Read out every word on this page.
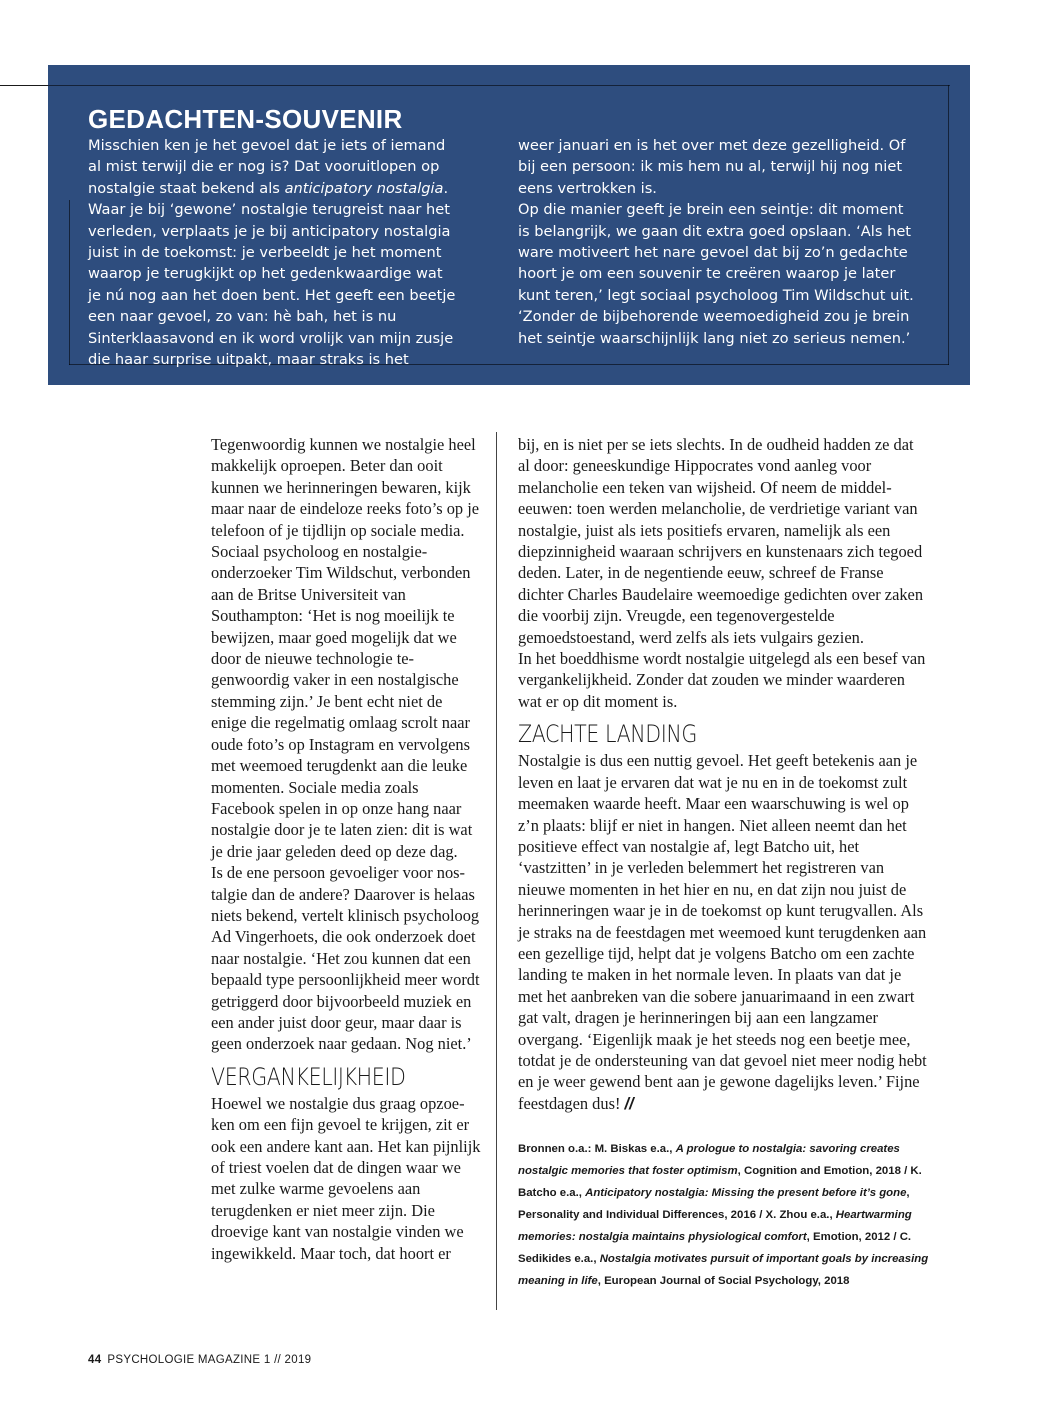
GEDACHTEN-SOUVENIR

Misschien ken je het gevoel dat je iets of iemand al mist terwijl die er nog is? Dat vooruitlopen op nostalgie staat bekend als anticipatory nostalgia. Waar je bij ‘gewone’ nostalgie terugreist naar het verleden, verplaats je je bij anticipatory nostalgia juist in de toekomst: je verbeeldt je het moment waarop je terugkijkt op het gedenkwaardige wat je nú nog aan het doen bent. Het geeft een beetje een naar gevoel, zo van: hè bah, het is nu Sinterklaasavond en ik word vrolijk van mijn zusje die haar surprise uitpakt, maar straks is het

weer januari en is het over met deze gezelligheid. Of bij een persoon: ik mis hem nu al, terwijl hij nog niet eens vertrokken is.

Op die manier geeft je brein een seintje: dit moment is belangrijk, we gaan dit extra goed opslaan. ‘Als het ware motiveert het nare gevoel dat bij zo’n gedachte hoort je om een souvenir te creëren waarop je later kunt teren,’ legt sociaal psycholoog Tim Wildschut uit. ‘Zonder de bijbehorende weemoedigheid zou je brein het seintje waarschijnlijk lang niet zo serieus nemen.’

Tegenwoordig kunnen we nostalgie heel makkelijk oproepen. Beter dan ooit kunnen we herinneringen bewaren, kijk maar naar de eindeloze reeks foto’s op je telefoon of je tijdlijn op sociale media. Sociaal psycholoog en nostalgie-onderzoeker Tim Wildschut, verbonden aan de Britse Universiteit van Southampton: ‘Het is nog moeilijk te bewijzen, maar goed mogelijk dat we door de nieuwe technologie tegenwoordig vaker in een nostalgische stemming zijn.’ Je bent echt niet de enige die regelmatig omlaag scrolt naar oude foto’s op Instagram en vervolgens met weemoed terugdenkt aan die leuke momenten. Sociale media zoals Facebook spelen in op onze hang naar nostalgie door je te laten zien: dit is wat je drie jaar geleden deed op deze dag.

Is de ene persoon gevoeliger voor nostalgie dan de andere? Daarover is helaas niets bekend, vertelt klinisch psycholoog Ad Vingerhoets, die ook onderzoek doet naar nostalgie. ‘Het zou kunnen dat een bepaald type persoonlijkheid meer wordt getriggerd door bijvoorbeeld muziek en een ander juist door geur, maar daar is geen onderzoek naar gedaan. Nog niet.’

VERGANKELIJKHEID

Hoewel we nostalgie dus graag opzoeken om een fijn gevoel te krijgen, zit er ook een andere kant aan. Het kan pijnlijk of triest voelen dat de dingen waar we met zulke warme gevoelens aan terugdenken er niet meer zijn. Die droevige kant van nostalgie vinden we ingewikkeld. Maar toch, dat hoort er

bij, en is niet per se iets slechts. In de oudheid hadden ze dat al door: geneeskundige Hippocrates vond aanleg voor melancholie een teken van wijsheid. Of neem de middeleeuwen: toen werden melancholie, de verdrietige variant van nostalgie, juist als iets positiefs ervaren, namelijk als een diepzinnigheid waaraan schrijvers en kunstenaars zich tegoed deden. Later, in de negentiende eeuw, schreef de Franse dichter Charles Baudelaire weemoedige gedichten over zaken die voorbij zijn. Vreugde, een tegenovergestelde gemoedstoestand, werd zelfs als iets vulgairs gezien.

In het boeddhisme wordt nostalgie uitgelegd als een besef van vergankelijkheid. Zonder dat zouden we minder waarderen wat er op dit moment is.

ZACHTE LANDING

Nostalgie is dus een nuttig gevoel. Het geeft betekenis aan je leven en laat je ervaren dat wat je nu en in de toekomst zult meemaken waarde heeft. Maar een waarschuwing is wel op z’n plaats: blijf er niet in hangen. Niet alleen neemt dan het positieve effect van nostalgie af, legt Batcho uit, het ‘vastzitten’ in je verleden belemmert het registreren van nieuwe momenten in het hier en nu, en dat zijn nou juist de herinneringen waar je in de toekomst op kunt terugvallen. Als je straks na de feestdagen met weemoed kunt terugdenken aan een gezellige tijd, helpt dat je volgens Batcho om een zachte landing te maken in het normale leven. In plaats van dat je met het aanbreken van die sobere januarimaand in een zwart gat valt, dragen je herinneringen bij aan een langzamer overgang. ‘Eigenlijk maak je het steeds nog een beetje mee, totdat je de ondersteuning van dat gevoel niet meer nodig hebt en je weer gewend bent aan je gewone dagelijks leven.’ Fijne feestdagen dus! //

Bronnen o.a.: M. Biskas e.a., A prologue to nostalgia: savoring creates nostalgic memories that foster optimism, Cognition and Emotion, 2018 / K. Batcho e.a., Anticipatory nostalgia: Missing the present before it’s gone, Personality and Individual Differences, 2016 / X. Zhou e.a., Heartwarming memories: nostalgia maintains physiological comfort, Emotion, 2012 / C. Sedikides e.a., Nostalgia motivates pursuit of important goals by increasing meaning in life, European Journal of Social Psychology, 2018

44 PSYCHOLOGIE MAGAZINE 1 // 2019
